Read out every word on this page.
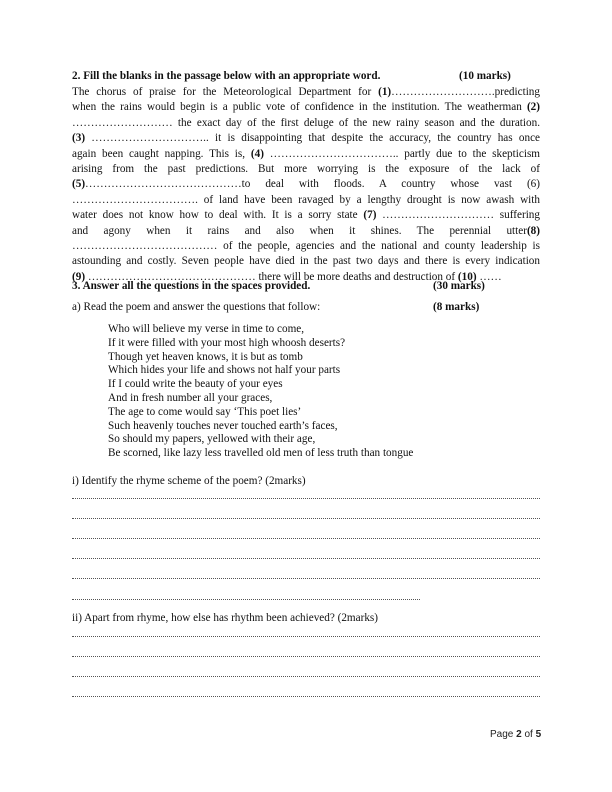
2. Fill the blanks in the passage below with an appropriate word.	(10 marks)
The chorus of praise for the Meteorological Department for (1)……………………….predicting
when the rains would begin is a public vote of confidence in the institution. The weatherman (2)
……………………… the exact day of the first deluge of the new rainy season and the duration.
(3) ………………………….. it is disappointing that despite the accuracy, the country has once
again been caught napping. This is, (4) …………………………….. partly due to the skepticism
arising from the past predictions. But more worrying is the exposure of the lack of
(5)……………………………………to deal with floods. A country whose vast (6)
……………………………. of land have been ravaged by a lengthy drought is now awash with
water does not know how to deal with. It is a sorry state (7) ………………………… suffering
and agony when it rains and also when it shines. The perennial utter(8)
………………………………… of the people, agencies and the national and county leadership is
astounding and costly. Seven people have died in the past two days and there is every indication
(9) ……………………………………… there will be more deaths and destruction of (10) ……
3. Answer all the questions in the spaces provided.	(30 marks)
a) Read the poem and answer the questions that follow:	(8 marks)
Who will believe my verse in time to come,
If it were filled with your most high whoosh deserts?
Though yet heaven knows, it is but as tomb
Which hides your life and shows not half your parts
If I could write the beauty of your eyes
And in fresh number all your graces,
The age to come would say ‘This poet lies’
Such heavenly touches never touched earth’s faces,
So should my papers, yellowed with their age,
Be scorned, like lazy less travelled old men of less truth than tongue
i) Identify the rhyme scheme of the poem? (2marks)
ii) Apart from rhyme, how else has rhythm been achieved? (2marks)
Page 2 of 5
